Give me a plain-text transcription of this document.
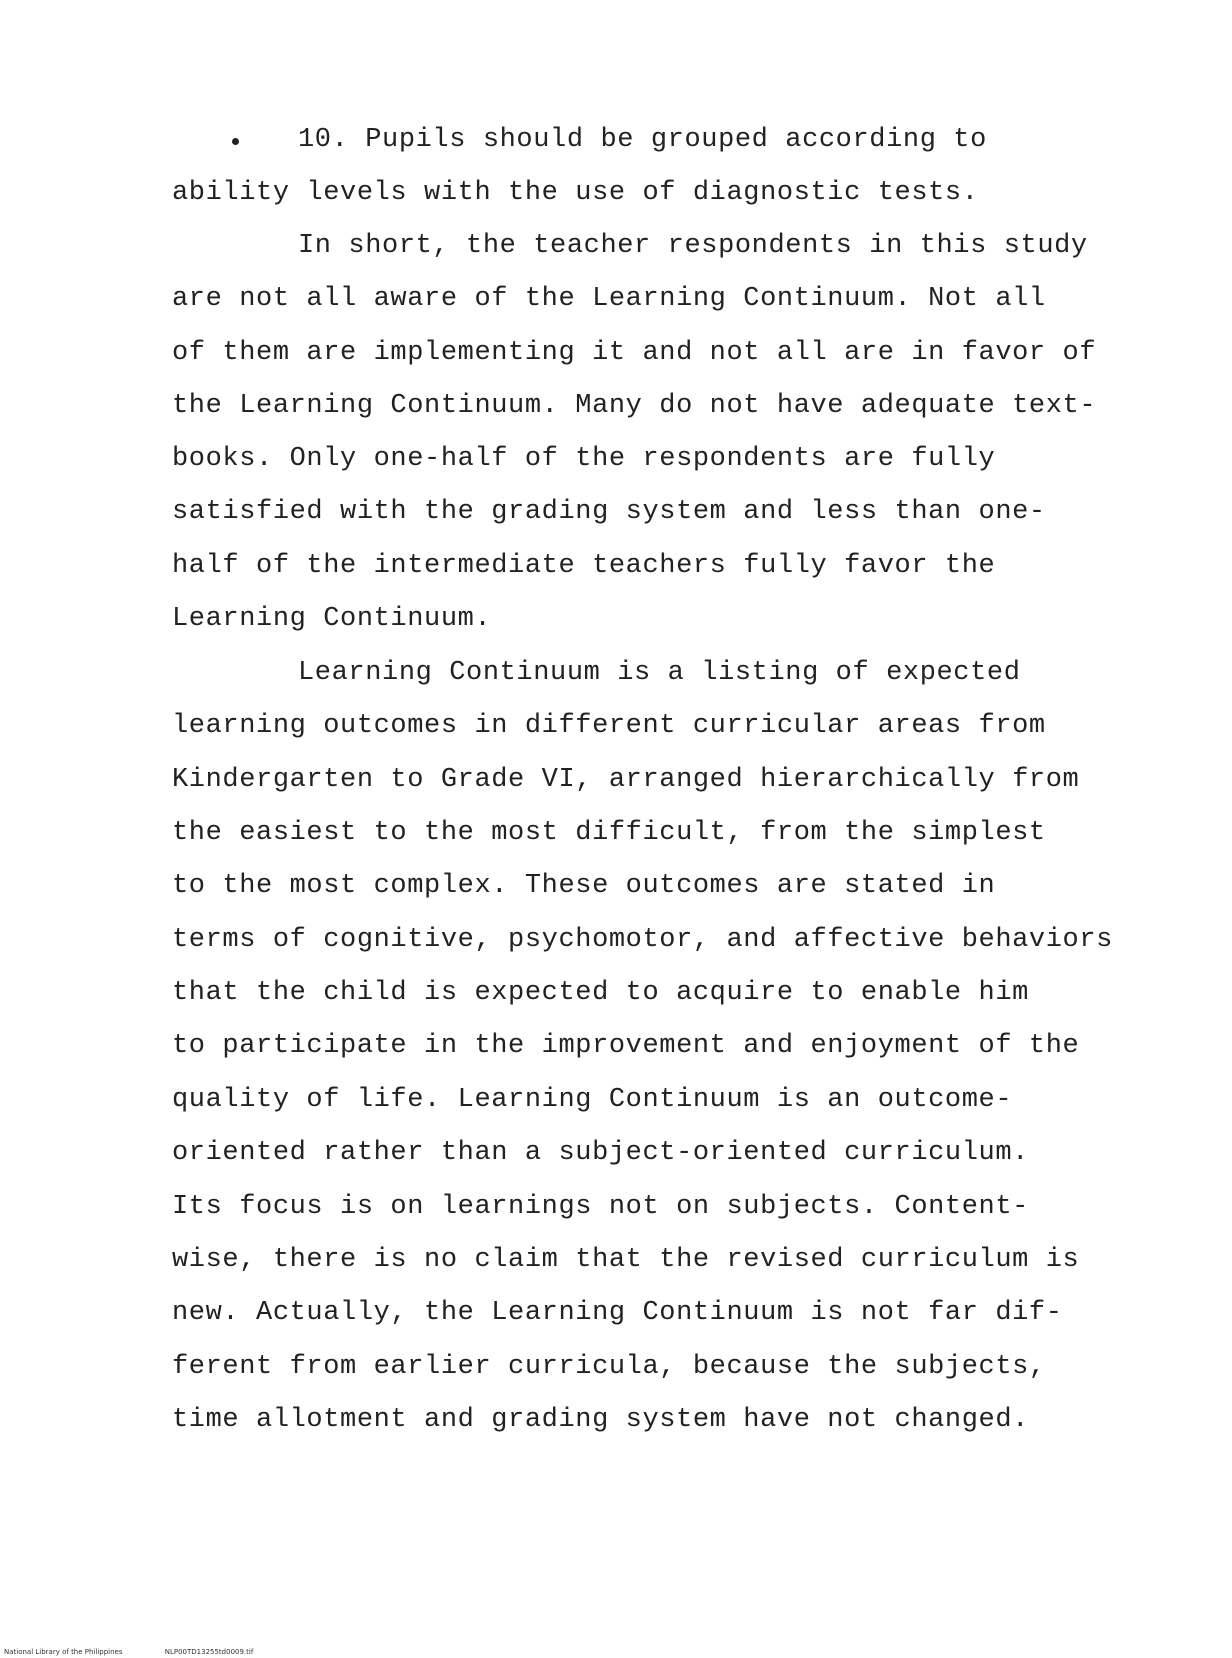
10. Pupils should be grouped according to
ability levels with the use of diagnostic tests.
In short, the teacher respondents in this study
are not all aware of the Learning Continuum. Not all
of them are implementing it and not all are in favor of
the Learning Continuum. Many do not have adequate text-
books. Only one-half of the respondents are fully
satisfied with the grading system and less than one-
half of the intermediate teachers fully favor the
Learning Continuum.
Learning Continuum is a listing of expected
learning outcomes in different curricular areas from
Kindergarten to Grade VI, arranged hierarchically from
the easiest to the most difficult, from the simplest
to the most complex. These outcomes are stated in
terms of cognitive, psychomotor, and affective behaviors
that the child is expected to acquire to enable him
to participate in the improvement and enjoyment of the
quality of life. Learning Continuum is an outcome-
oriented rather than a subject-oriented curriculum.
Its focus is on learnings not on subjects. Content-
wise, there is no claim that the revised curriculum is
new. Actually, the Learning Continuum is not far dif-
ferent from earlier curricula, because the subjects,
time allotment and grading system have not changed.
National Library of the Philippines	NLP00TD13255td0009.tif
